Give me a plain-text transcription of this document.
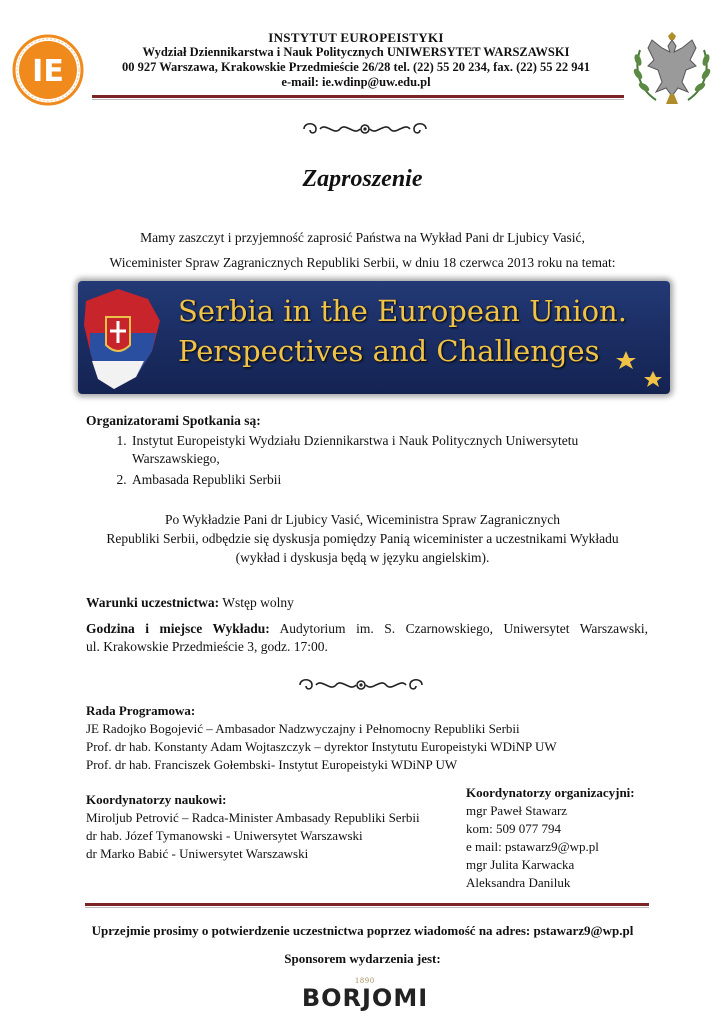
IE
INSTYTUT EUROPEISTYKI
Wydział Dziennikarstwa i Nauk Politycznych UNIWERSYTET WARSZAWSKI
00 927 Warszawa, Krakowskie Przedmieście 26/28 tel. (22) 55 20 234, fax. (22) 55 22 941
e-mail: ie.wdinp@uw.edu.pl
Zaproszenie
Mamy zaszczyt i przyjemność zaprosić Państwa na Wykład Pani dr Ljubicy Vasić,
Wiceminister Spraw Zagranicznych Republiki Serbii, w dniu 18 czerwca 2013 roku na temat:
Serbia in the European Union.
Perspectives and Challenges
Organizatorami Spotkania są:
1. Instytut Europeistyki Wydziału Dziennikarstwa i Nauk Politycznych Uniwersytetu Warszawskiego,
2. Ambasada Republiki Serbii
Po Wykładzie Pani dr Ljubicy Vasić, Wiceministra Spraw Zagranicznych
Republiki Serbii, odbędzie się dyskusja pomiędzy Panią wiceminister a uczestnikami Wykładu
(wykład i dyskusja będą w języku angielskim).
Warunki uczestnictwa: Wstęp wolny
Godzina i miejsce Wykładu: Audytorium im. S. Czarnowskiego, Uniwersytet Warszawski,
ul. Krakowskie Przedmieście 3, godz. 17:00.
Rada Programowa:
JE Radojko Bogojević – Ambasador Nadzwyczajny i Pełnomocny Republiki Serbii
Prof. dr hab. Konstanty Adam Wojtaszczyk – dyrektor Instytutu Europeistyki WDiNP UW
Prof. dr hab. Franciszek Gołembski- Instytut Europeistyki WDiNP UW
Koordynatorzy naukowi:
Miroljub Petrović – Radca-Minister Ambasady Republiki Serbii
dr hab. Józef Tymanowski - Uniwersytet Warszawski
dr Marko Babić - Uniwersytet Warszawski
Koordynatorzy organizacyjni:
mgr Paweł Stawarz
kom: 509 077 794
e mail: pstawarz9@wp.pl
mgr Julita Karwacka
Aleksandra Daniluk
Uprzejmie prosimy o potwierdzenie uczestnictwa poprzez wiadomość na adres: pstawarz9@wp.pl
Sponsorem wydarzenia jest:
1890
BORJOMI
